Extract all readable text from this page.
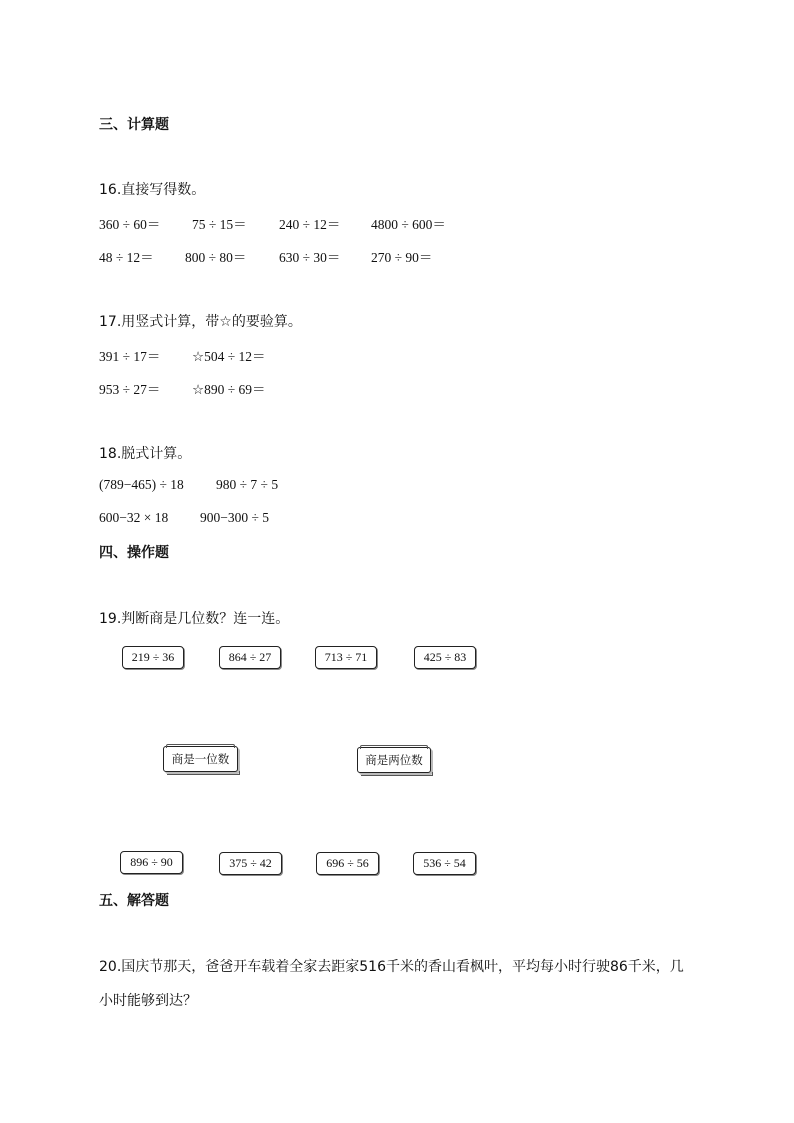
三、计算题
16.直接写得数。
360 ÷ 60＝ 75 ÷ 15＝ 240 ÷ 12＝ 4800 ÷ 600＝
48 ÷ 12＝ 800 ÷ 80＝ 630 ÷ 30＝ 270 ÷ 90＝
17.用竖式计算，带☆的要验算。
391 ÷ 17＝ ☆504 ÷ 12＝
953 ÷ 27＝ ☆890 ÷ 69＝
18.脱式计算。
(789−465) ÷ 18 980 ÷ 7 ÷ 5
600−32 × 18 900−300 ÷ 5
四、操作题
19.判断商是几位数？连一连。
219 ÷ 36	864 ÷ 27	713 ÷ 71	425 ÷ 83
商是一位数	商是两位数
896 ÷ 90	375 ÷ 42	696 ÷ 56	536 ÷ 54
五、解答题
20.国庆节那天，爸爸开车载着全家去距家516千米的香山看枫叶，平均每小时行驶86千米，几
小时能够到达？
